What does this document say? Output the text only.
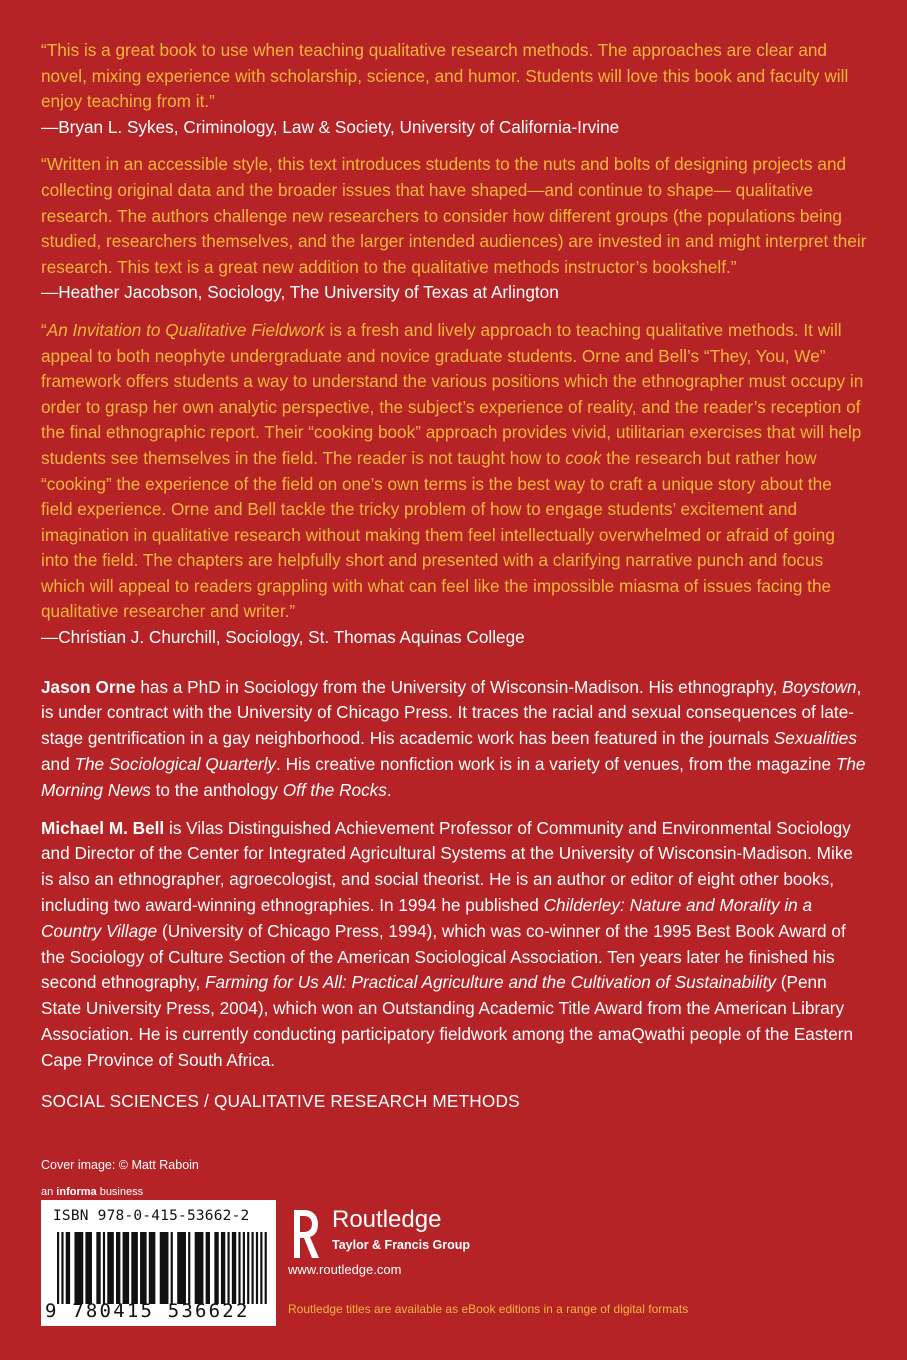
“This is a great book to use when teaching qualitative research methods. The approaches are clear and novel, mixing experience with scholarship, science, and humor. Students will love this book and faculty will enjoy teaching from it.”

—Bryan L. Sykes, Criminology, Law & Society, University of California-Irvine

“Written in an accessible style, this text introduces students to the nuts and bolts of designing projects and collecting original data and the broader issues that have shaped—and continue to shape— qualitative research. The authors challenge new researchers to consider how different groups (the populations being studied, researchers themselves, and the larger intended audiences) are invested in and might interpret their research. This text is a great new addition to the qualitative methods instructor’s bookshelf.”

—Heather Jacobson, Sociology, The University of Texas at Arlington

“An Invitation to Qualitative Fieldwork is a fresh and lively approach to teaching qualitative methods. It will appeal to both neophyte undergraduate and novice graduate students. Orne and Bell’s “They, You, We” framework offers students a way to understand the various positions which the ethnographer must occupy in order to grasp her own analytic perspective, the subject’s experience of reality, and the reader’s reception of the final ethnographic report. Their “cooking book” approach provides vivid, utilitarian exercises that will help students see themselves in the field. The reader is not taught how to cook the research but rather how “cooking” the experience of the field on one’s own terms is the best way to craft a unique story about the field experience. Orne and Bell tackle the tricky problem of how to engage students’ excitement and imagination in qualitative research without making them feel intellectually overwhelmed or afraid of going into the field. The chapters are helpfully short and presented with a clarifying narrative punch and focus which will appeal to readers grappling with what can feel like the impossible miasma of issues facing the qualitative researcher and writer.”

—Christian J. Churchill, Sociology, St. Thomas Aquinas College

Jason Orne has a PhD in Sociology from the University of Wisconsin-Madison. His ethnography, Boystown, is under contract with the University of Chicago Press. It traces the racial and sexual consequences of late-stage gentrification in a gay neighborhood. His academic work has been featured in the journals Sexualities and The Sociological Quarterly. His creative nonfiction work is in a variety of venues, from the magazine The Morning News to the anthology Off the Rocks.

Michael M. Bell is Vilas Distinguished Achievement Professor of Community and Environmental Sociology and Director of the Center for Integrated Agricultural Systems at the University of Wisconsin-Madison. Mike is also an ethnographer, agroecologist, and social theorist. He is an author or editor of eight other books, including two award-winning ethnographies. In 1994 he published Childerley: Nature and Morality in a Country Village (University of Chicago Press, 1994), which was co-winner of the 1995 Best Book Award of the Sociology of Culture Section of the American Sociological Association. Ten years later he finished his second ethnography, Farming for Us All: Practical Agriculture and the Cultivation of Sustainability (Penn State University Press, 2004), which won an Outstanding Academic Title Award from the American Library Association. He is currently conducting participatory fieldwork among the amaQwathi people of the Eastern Cape Province of South Africa.

SOCIAL SCIENCES / QUALITATIVE RESEARCH METHODS
Cover image: © Matt Raboin
an informa business
ISBN 978-0-415-53662-2
9 780415 536622
Routledge
Taylor & Francis Group
www.routledge.com
Routledge titles are available as eBook editions in a range of digital formats
